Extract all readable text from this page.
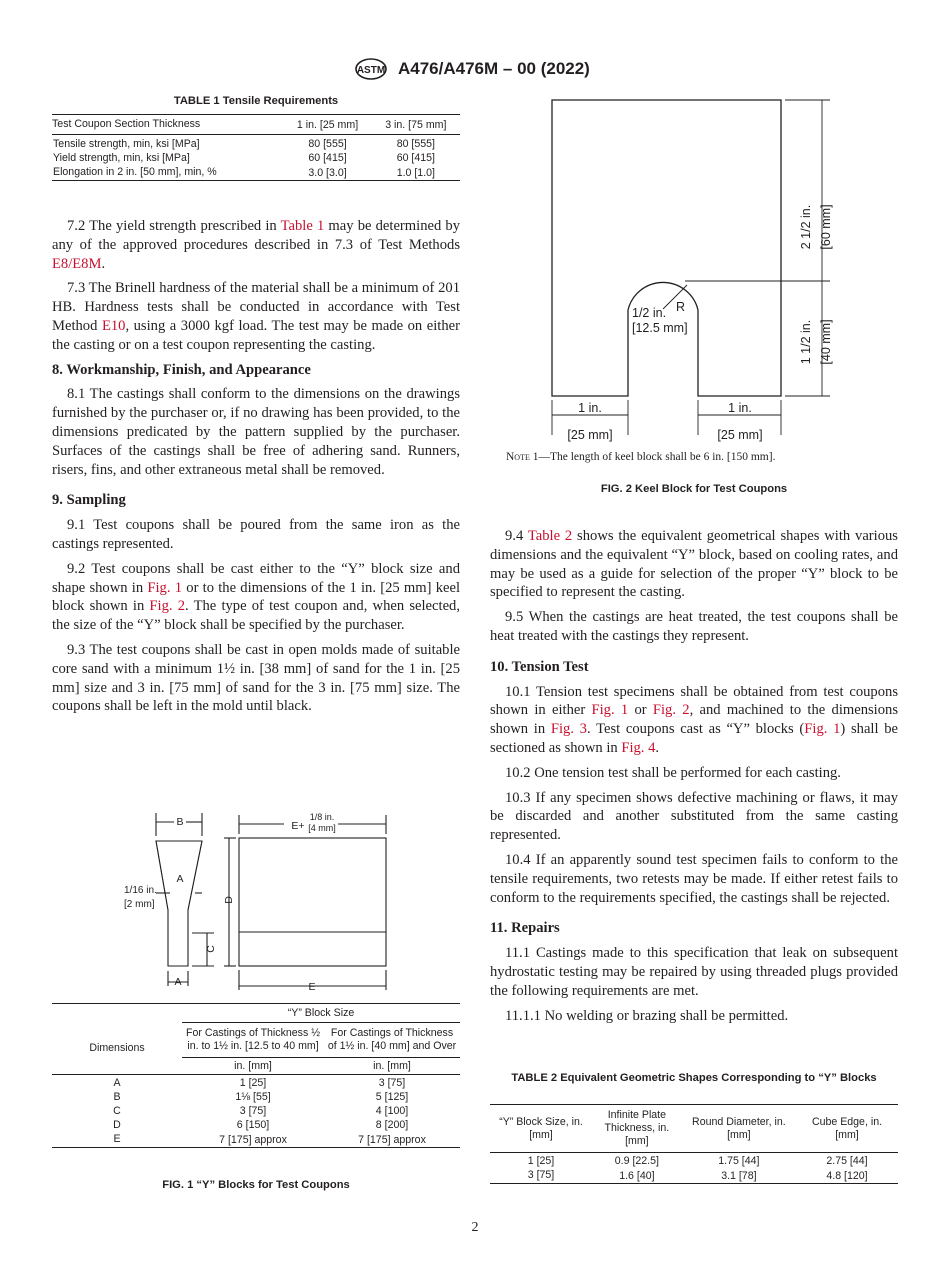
ASTM A476/A476M – 00 (2022)
TABLE 1 Tensile Requirements
Test Coupon Section Thickness	1 in. [25 mm]	3 in. [75 mm]
Tensile strength, min, ksi [MPa]	80 [555]	80 [555]
Yield strength, min, ksi [MPa]	60 [415]	60 [415]
Elongation in 2 in. [50 mm], min, %	3.0 [3.0]	1.0 [1.0]

7.2 The yield strength prescribed in Table 1 may be determined by any of the approved procedures described in 7.3 of Test Methods E8/E8M.

7.3 The Brinell hardness of the material shall be a minimum of 201 HB. Hardness tests shall be conducted in accordance with Test Method E10, using a 3000 kgf load. The test may be made on either the casting or on a test coupon representing the casting.

8. Workmanship, Finish, and Appearance

8.1 The castings shall conform to the dimensions on the drawings furnished by the purchaser or, if no drawing has been provided, to the dimensions predicated by the pattern supplied by the purchaser. Surfaces of the castings shall be free of adhering sand. Runners, risers, fins, and other extraneous metal shall be removed.

9. Sampling

9.1 Test coupons shall be poured from the same iron as the castings represented.

9.2 Test coupons shall be cast either to the “Y” block size and shape shown in Fig. 1 or to the dimensions of the 1 in. [25 mm] keel block shown in Fig. 2. The type of test coupon and, when selected, the size of the “Y” block shall be specified by the purchaser.

9.3 The test coupons shall be cast in open molds made of suitable core sand with a minimum 1½ in. [38 mm] of sand for the 1 in. [25 mm] size and 3 in. [75 mm] of sand for the 3 in. [75 mm] size. The coupons shall be left in the mold until black.

B
A
A
C
D
E
E+
1/8 in.
[4 mm]
1/16 in.
[2 mm]
Dimensions	“Y” Block Size	
	For Castings of Thickness ½ in. to 1½ in. [12.5 to 40 mm]	For Castings of Thickness of 1½ in. [40 mm] and Over
	in. [mm]	in. [mm]
A	1 [25]	3 [75]
B	1⅛ [55]	5 [125]
C	3 [75]	4 [100]
D	6 [150]	8 [200]
E	7 [175] approx	7 [175] approx
FIG. 1 “Y” Blocks for Test Coupons
2 1/2 in. [60 mm]
1 1/2 in. [40 mm]
1/2 in. R
[12.5 mm]
1 in.
[25 mm]
1 in.
[25 mm]
Note 1—The length of keel block shall be 6 in. [150 mm].
FIG. 2 Keel Block for Test Coupons

9.4 Table 2 shows the equivalent geometrical shapes with various dimensions and the equivalent “Y” block, based on cooling rates, and may be used as a guide for selection of the proper “Y” block to be specified to represent the casting.

9.5 When the castings are heat treated, the test coupons shall be heat treated with the castings they represent.

10. Tension Test

10.1 Tension test specimens shall be obtained from test coupons shown in either Fig. 1 or Fig. 2, and machined to the dimensions shown in Fig. 3. Test coupons cast as “Y” blocks (Fig. 1) shall be sectioned as shown in Fig. 4.

10.2 One tension test shall be performed for each casting.

10.3 If any specimen shows defective machining or flaws, it may be discarded and another substituted from the same casting represented.

10.4 If an apparently sound test specimen fails to conform to the tensile requirements, two retests may be made. If either retest fails to conform to the requirements specified, the castings shall be rejected.

11. Repairs

11.1 Castings made to this specification that leak on subsequent hydrostatic testing may be repaired by using threaded plugs provided the following requirements are met.

11.1.1 No welding or brazing shall be permitted.

TABLE 2 Equivalent Geometric Shapes Corresponding to “Y” Blocks
“Y” Block Size, in. [mm]	Infinite Plate Thickness, in. [mm]	Round Diameter, in. [mm]	Cube Edge, in. [mm]
1 [25]	0.9 [22.5]	1.75 [44]	2.75 [44]
3 [75]	1.6 [40]	3.1 [78]	4.8 [120]
2
